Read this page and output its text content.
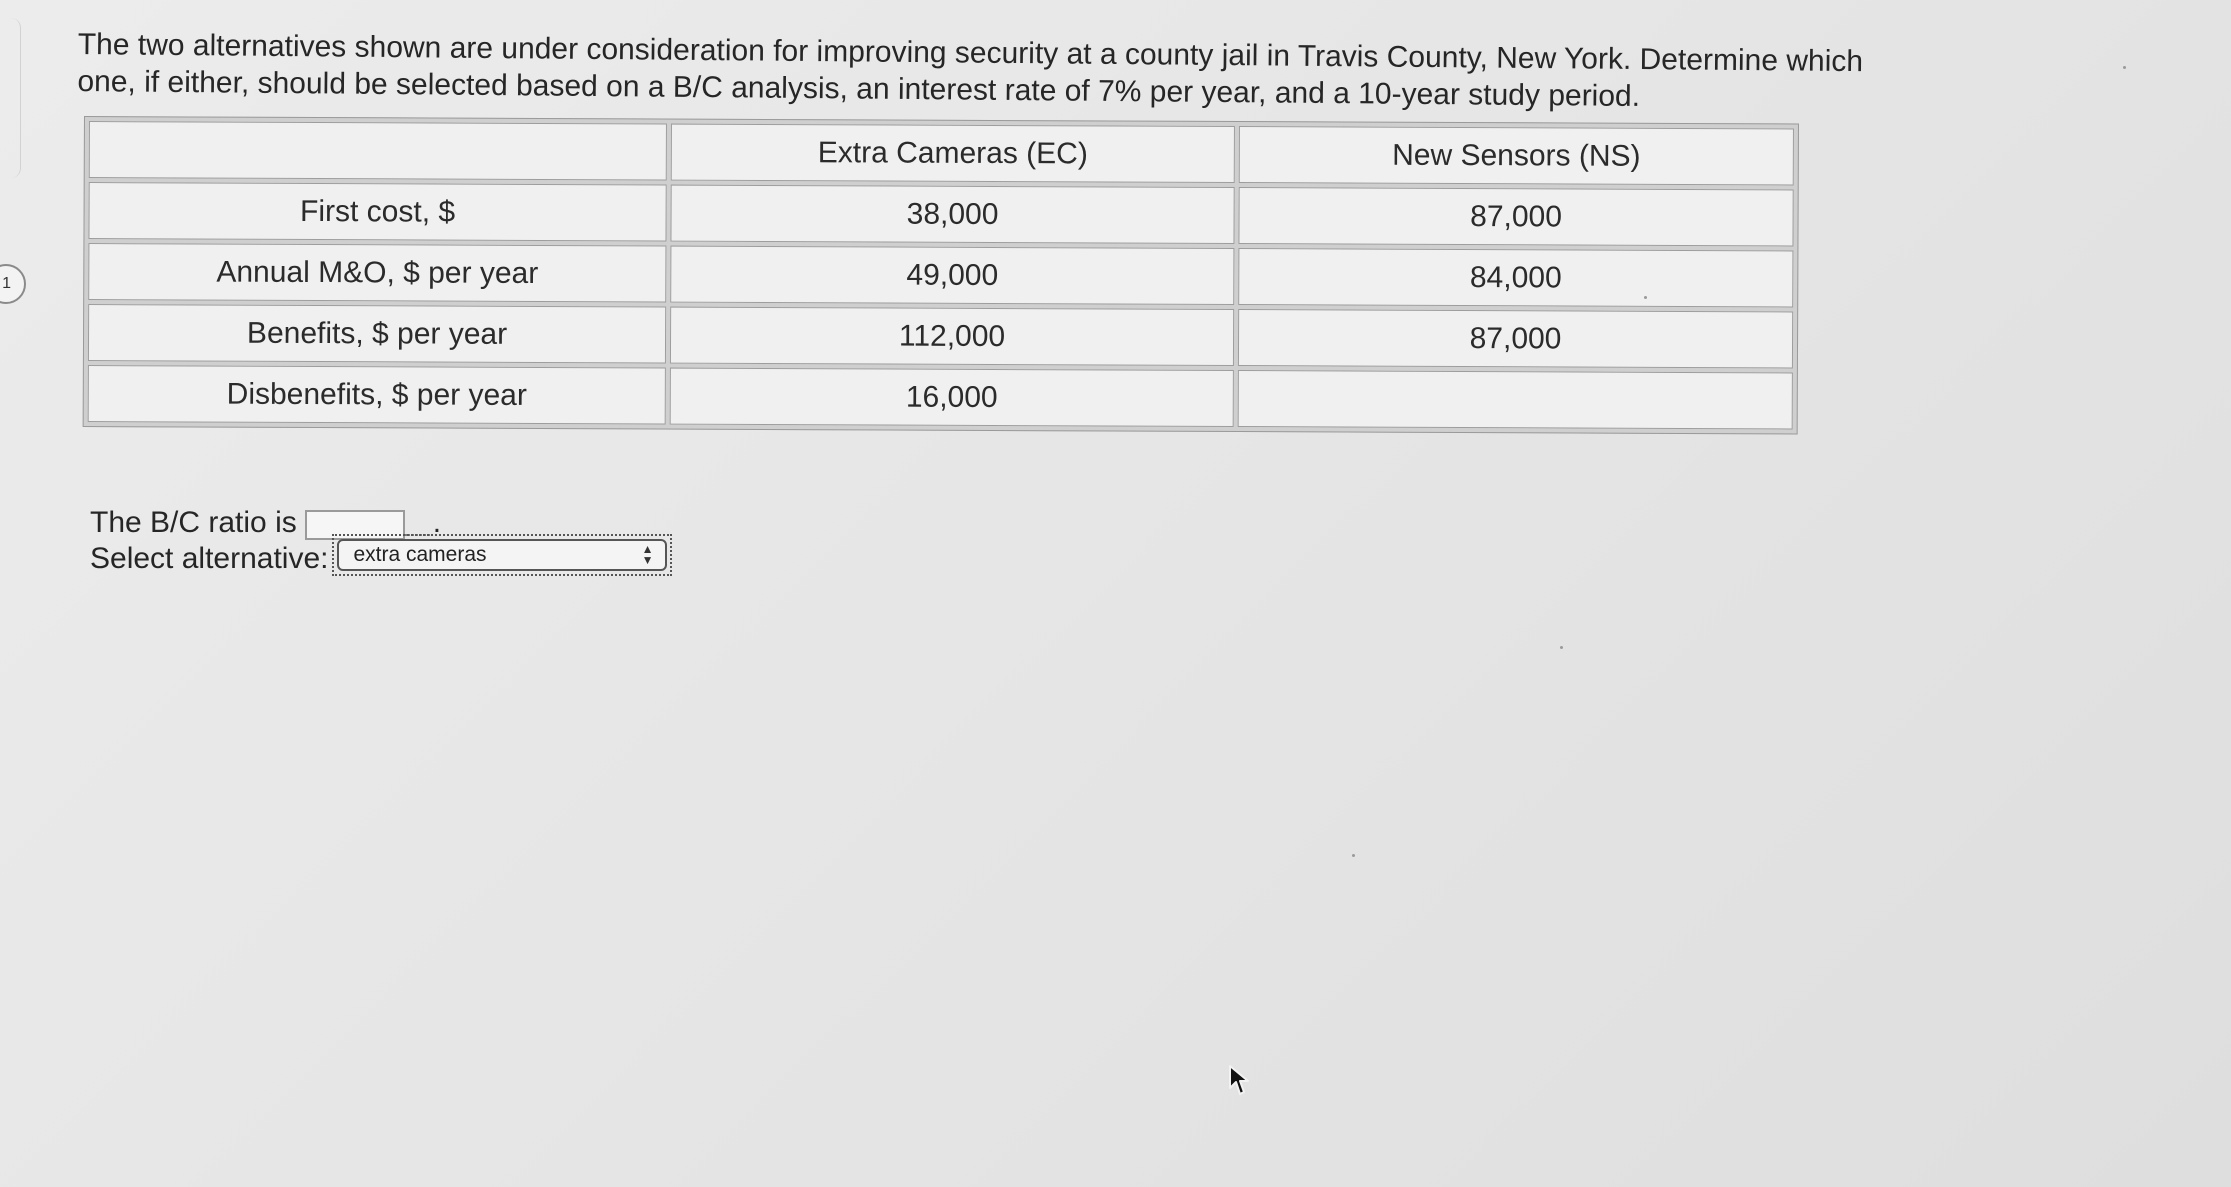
1

The two alternatives shown are under consideration for improving security at a county jail in Travis County, New York. Determine which
one, if either, should be selected based on a B/C analysis, an interest rate of 7% per year, and a 10-year study period.

	Extra Cameras (EC)	New Sensors (NS)
First cost, $	38,000	87,000
Annual M&O, $ per year	49,000	84,000
Benefits, $ per year	112,000	87,000
Disbenefits, $ per year	16,000	
The B/C ratio is	.
Select alternative: extra cameras	▲
▼
